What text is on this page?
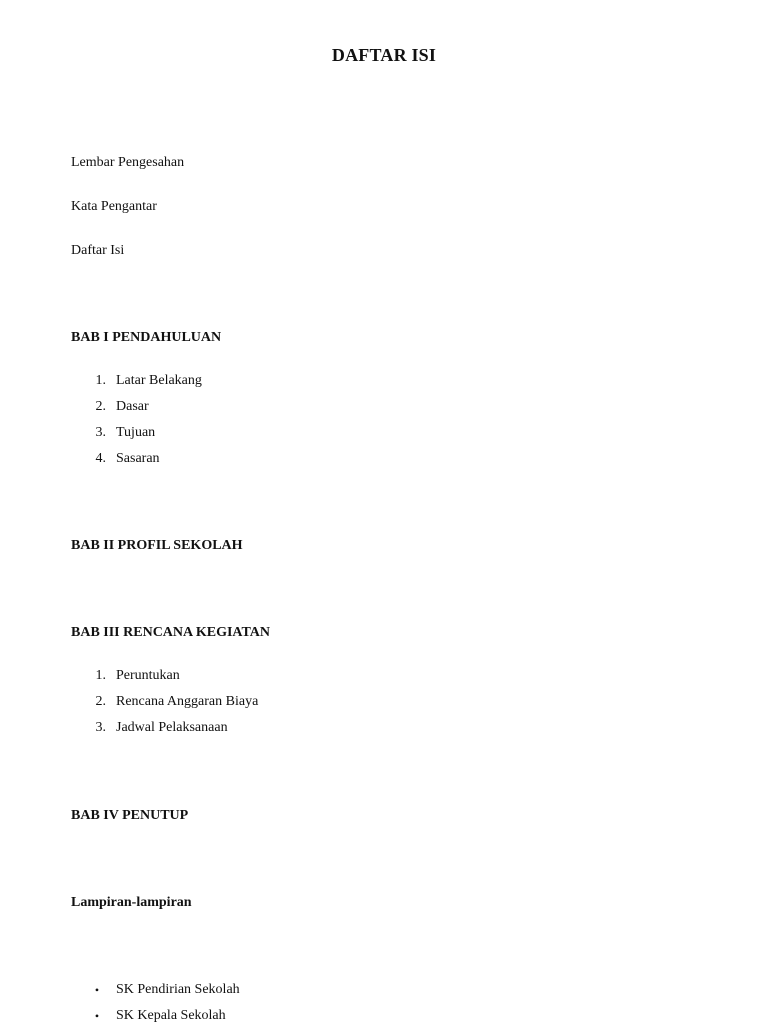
DAFTAR ISI
Lembar Pengesahan
Kata Pengantar
Daftar Isi
BAB I PENDAHULUAN
1. Latar Belakang
2. Dasar
3. Tujuan
4. Sasaran
BAB II PROFIL SEKOLAH
BAB III RENCANA KEGIATAN
1. Peruntukan
2. Rencana Anggaran Biaya
3. Jadwal Pelaksanaan
BAB IV PENUTUP
Lampiran-lampiran
• SK Pendirian Sekolah
• SK Kepala Sekolah
